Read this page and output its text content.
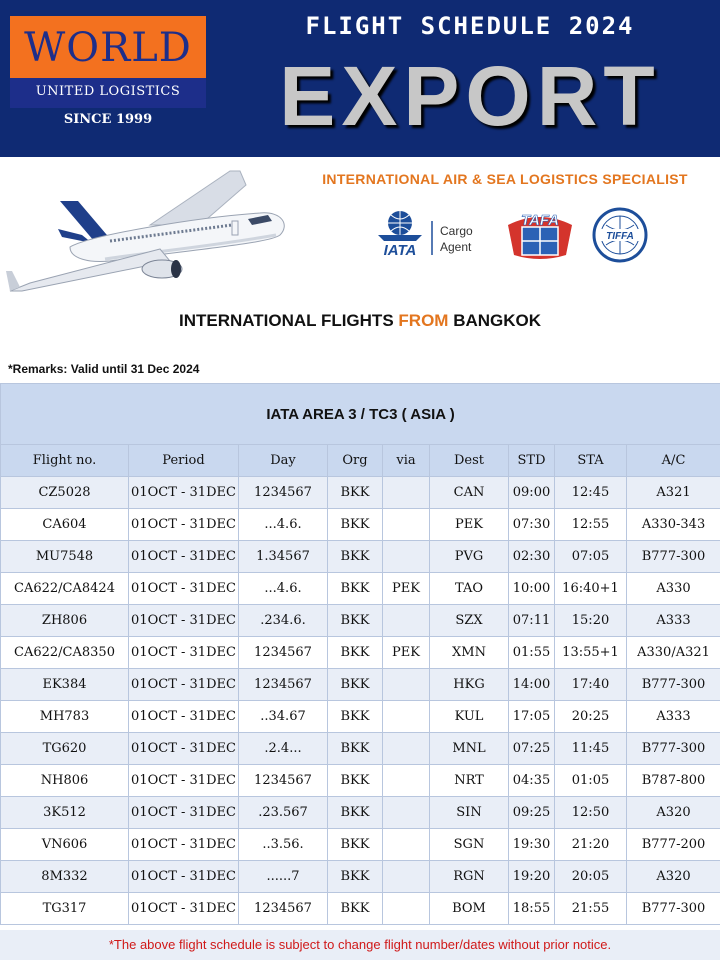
WORLD
UNITED LOGISTICS
SINCE 1999
FLIGHT SCHEDULE 2024
EXPORT
INTERNATIONAL AIR & SEA LOGISTICS SPECIALIST
IATA
Cargo
Agent
TAFA
TIFFA
INTERNATIONAL FLIGHTS FROM BANGKOK
*Remarks: Valid until 31 Dec 2024
IATA AREA 3 / TC3 ( ASIA )								
Flight no.	Period	Day	Org	via	Dest	STD	STA	A/C
CZ5028	01OCT - 31DEC	1234567	BKK		CAN	09:00	12:45	A321
CA604	01OCT - 31DEC	...4.6.	BKK		PEK	07:30	12:55	A330-343
MU7548	01OCT - 31DEC	1.34567	BKK		PVG	02:30	07:05	B777-300
CA622/CA8424	01OCT - 31DEC	...4.6.	BKK	PEK	TAO	10:00	16:40+1	A330
ZH806	01OCT - 31DEC	.234.6.	BKK		SZX	07:11	15:20	A333
CA622/CA8350	01OCT - 31DEC	1234567	BKK	PEK	XMN	01:55	13:55+1	A330/A321
EK384	01OCT - 31DEC	1234567	BKK		HKG	14:00	17:40	B777-300
MH783	01OCT - 31DEC	..34.67	BKK		KUL	17:05	20:25	A333
TG620	01OCT - 31DEC	.2.4...	BKK		MNL	07:25	11:45	B777-300
NH806	01OCT - 31DEC	1234567	BKK		NRT	04:35	01:05	B787-800
3K512	01OCT - 31DEC	.23.567	BKK		SIN	09:25	12:50	A320
VN606	01OCT - 31DEC	..3.56.	BKK		SGN	19:30	21:20	B777-200
8M332	01OCT - 31DEC	......7	BKK		RGN	19:20	20:05	A320
TG317	01OCT - 31DEC	1234567	BKK		BOM	18:55	21:55	B777-300
*The above flight schedule is subject to change flight number/dates without prior notice.
